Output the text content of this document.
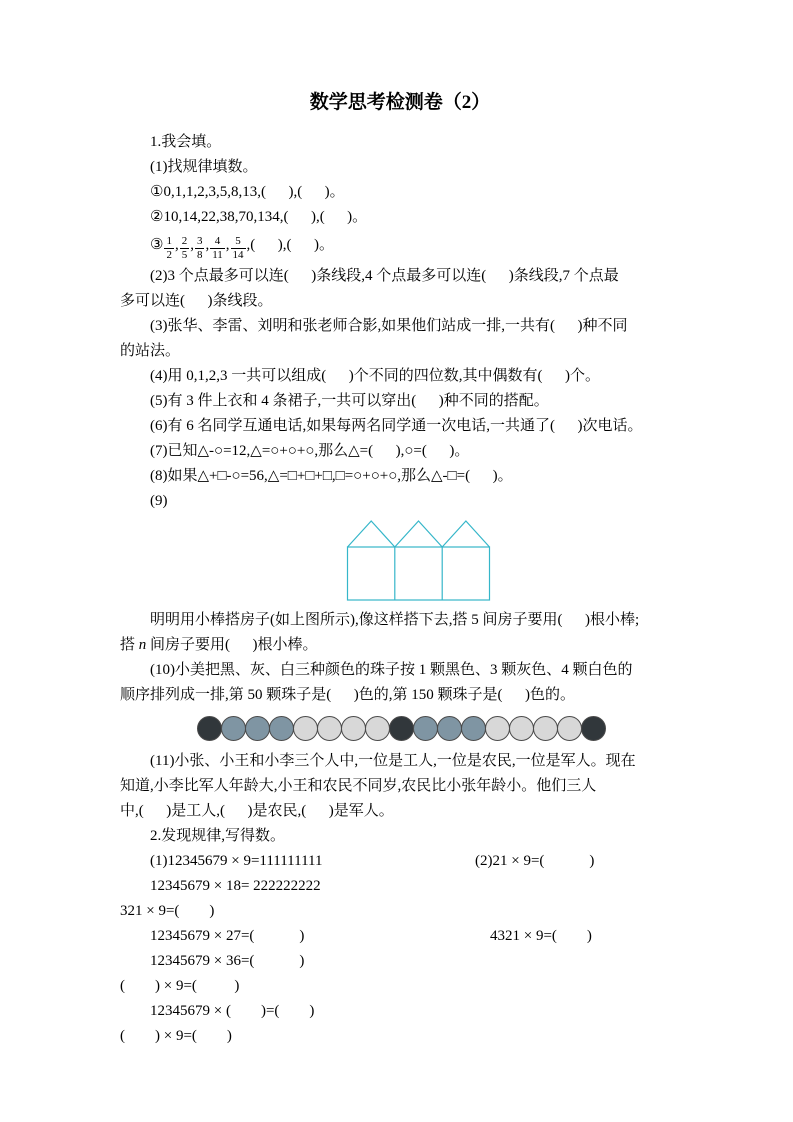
数学思考检测卷（2）

1.我会填。

(1)找规律填数。

①0,1,1,2,3,5,8,13,(      ),(      )。

②10,14,22,38,70,134,(      ),(      )。

③ $\frac{1}{2}$ , $\frac{2}{5}$ , $\frac{3}{8}$ , $\frac{4}{11}$ , $\frac{5}{14}$ ,(      ),(      )。

(2)3 个点最多可以连(      )条线段,4 个点最多可以连(      )条线段,7 个点最

多可以连(      )条线段。

(3)张华、李雷、刘明和张老师合影,如果他们站成一排,一共有(      )种不同

的站法。

(4)用 0,1,2,3 一共可以组成(      )个不同的四位数,其中偶数有(      )个。

(5)有 3 件上衣和 4 条裙子,一共可以穿出(      )种不同的搭配。

(6)有 6 名同学互通电话,如果每两名同学通一次电话,一共通了(      )次电话。

(7)已知△-○=12,△=○+○+○,那么△=(      ),○=(      )。

(8)如果△+□-○=56,△=□+□+□,□=○+○+○,那么△-□=(      )。

(9)

明明用小棒搭房子(如上图所示),像这样搭下去,搭 5 间房子要用(      )根小棒;

搭 n 间房子要用(      )根小棒。

(10)小美把黑、灰、白三种颜色的珠子按 1 颗黑色、3 颗灰色、4 颗白色的

顺序排列成一排,第 50 颗珠子是(      )色的,第 150 颗珠子是(      )色的。

(11)小张、小王和小李三个人中,一位是工人,一位是农民,一位是军人。现在

知道,小李比军人年龄大,小王和农民不同岁,农民比小张年龄小。他们三人

中,(      )是工人,(      )是农民,(      )是军人。

2.发现规律,写得数。

(1)12345679 × 9=111111111	(2)21 × 9=(            )
12345679 × 18= 222222222
321 × 9=(        )
12345679 × 27=(            )	4321 × 9=(        )
12345679 × 36=(            )
(        ) × 9=(          )
12345679 × (        )=(        )
(        ) × 9=(        )
